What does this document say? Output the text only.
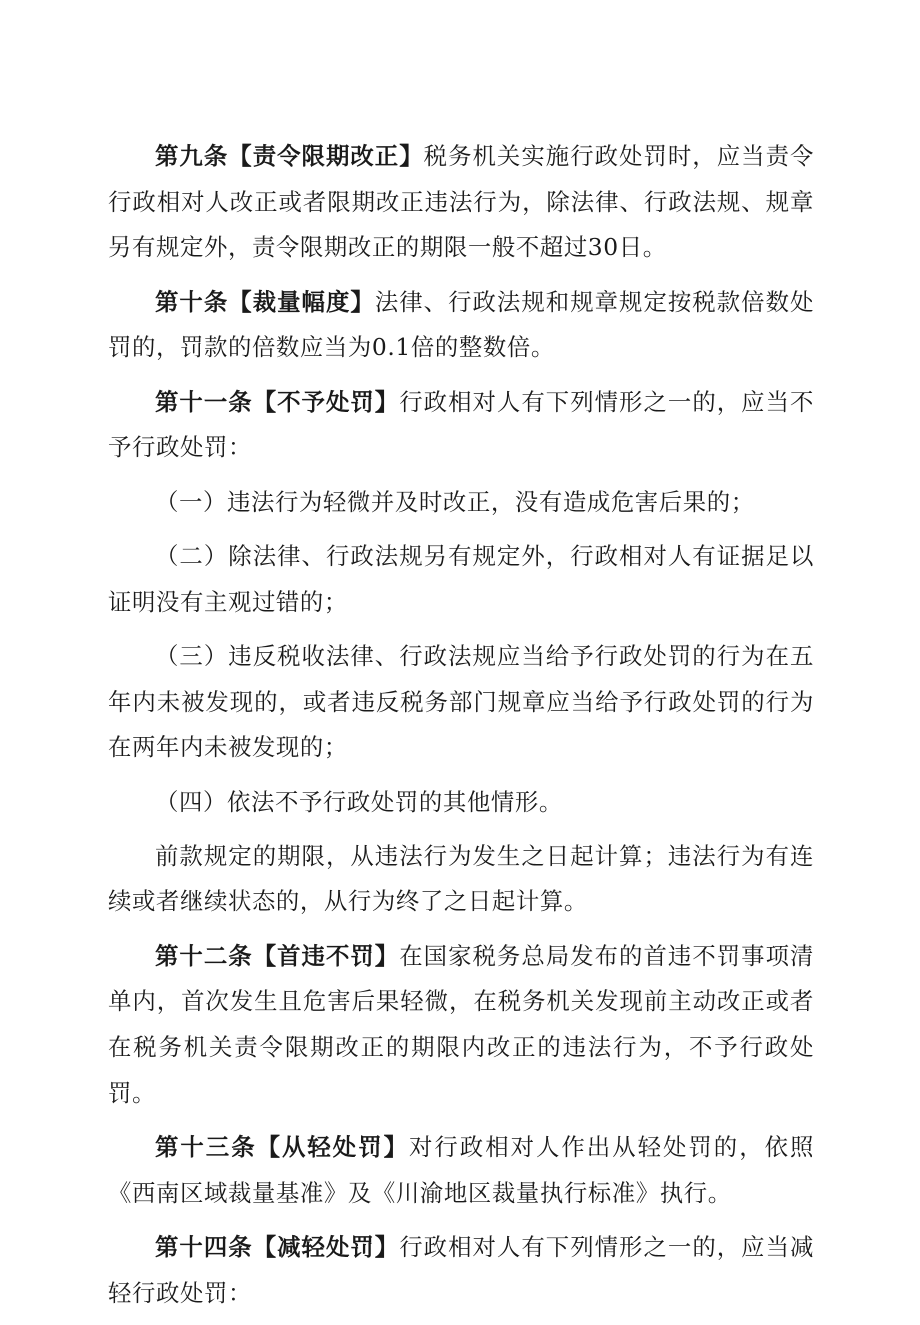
第九条【责令限期改正】税务机关实施行政处罚时，应当责令行政相对人改正或者限期改正违法行为，除法律、行政法规、规章另有规定外，责令限期改正的期限一般不超过30日。

第十条【裁量幅度】法律、行政法规和规章规定按税款倍数处罚的，罚款的倍数应当为0.1倍的整数倍。

第十一条【不予处罚】行政相对人有下列情形之一的，应当不予行政处罚：

（一）违法行为轻微并及时改正，没有造成危害后果的；

（二）除法律、行政法规另有规定外，行政相对人有证据足以证明没有主观过错的；

（三）违反税收法律、行政法规应当给予行政处罚的行为在五年内未被发现的，或者违反税务部门规章应当给予行政处罚的行为在两年内未被发现的；

（四）依法不予行政处罚的其他情形。

前款规定的期限，从违法行为发生之日起计算；违法行为有连续或者继续状态的，从行为终了之日起计算。

第十二条【首违不罚】在国家税务总局发布的首违不罚事项清单内，首次发生且危害后果轻微，在税务机关发现前主动改正或者在税务机关责令限期改正的期限内改正的违法行为，不予行政处罚。

第十三条【从轻处罚】对行政相对人作出从轻处罚的，依照《西南区域裁量基准》及《川渝地区裁量执行标准》执行。

第十四条【减轻处罚】行政相对人有下列情形之一的，应当减轻行政处罚：
